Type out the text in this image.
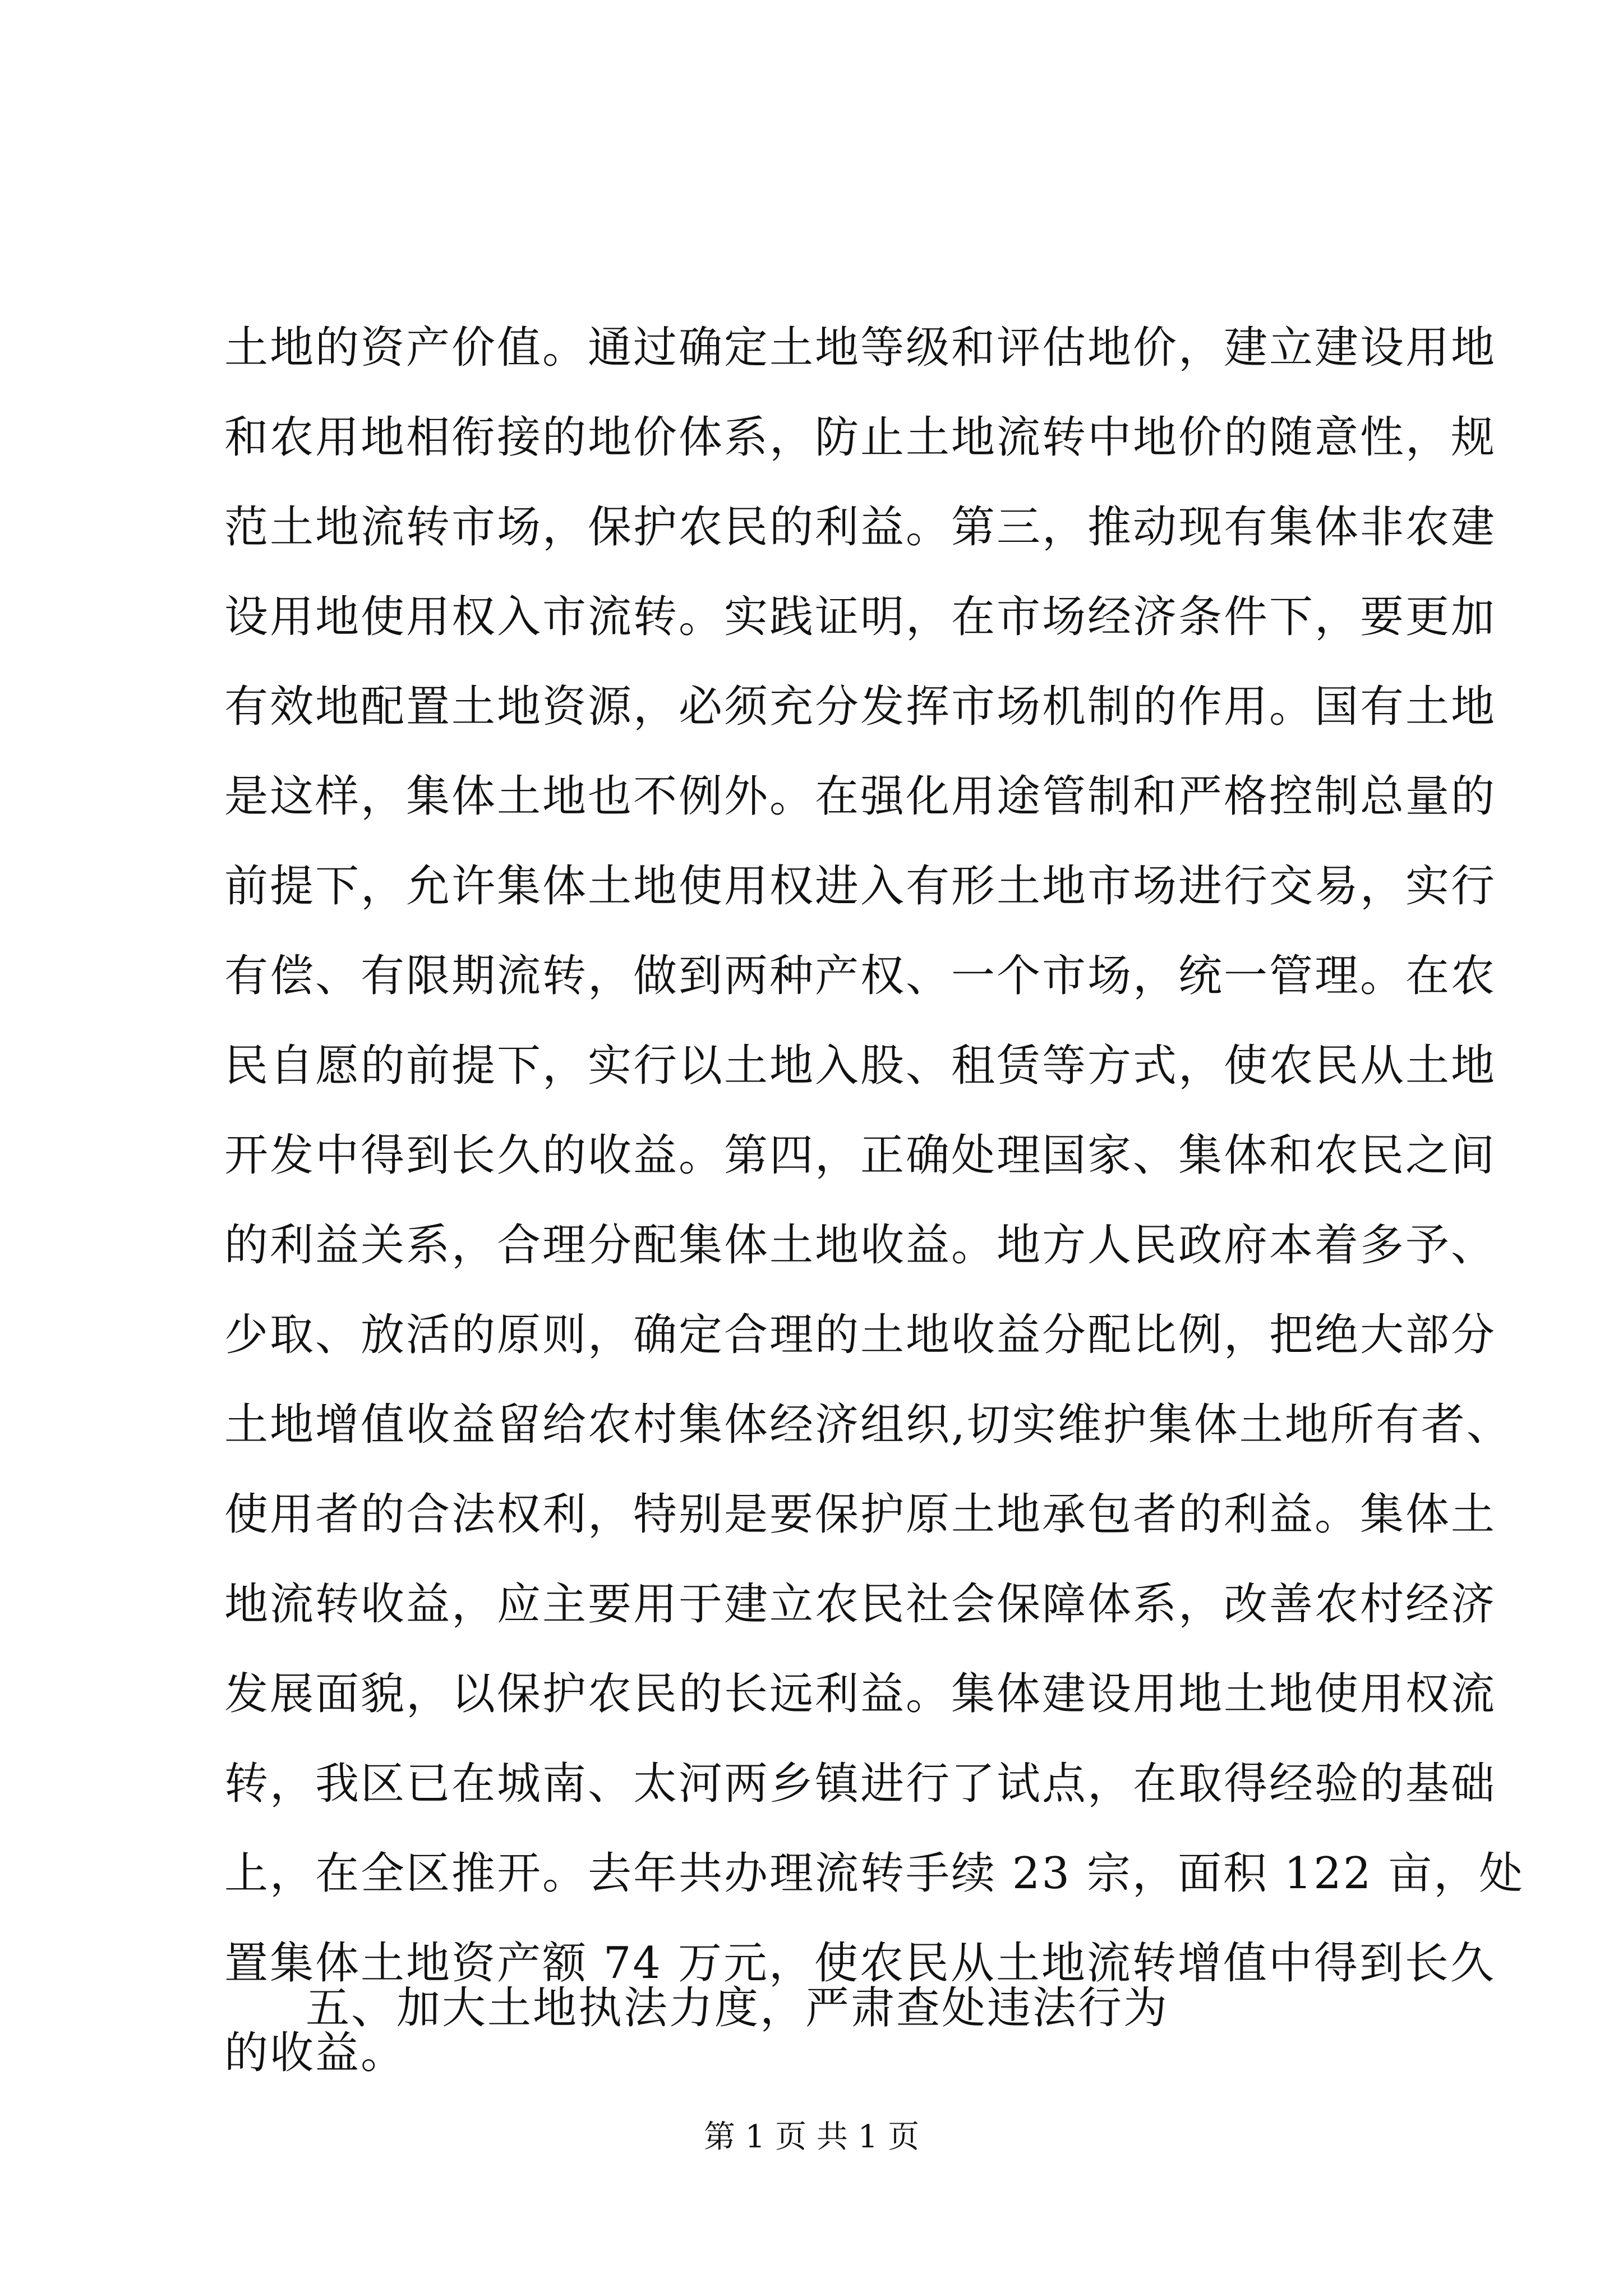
土地的资产价值。通过确定土地等级和评估地价，建立建设用地
和农用地相衔接的地价体系，防止土地流转中地价的随意性，规
范土地流转市场，保护农民的利益。第三，推动现有集体非农建
设用地使用权入市流转。实践证明，在市场经济条件下，要更加
有效地配置土地资源，必须充分发挥市场机制的作用。国有土地
是这样，集体土地也不例外。在强化用途管制和严格控制总量的
前提下，允许集体土地使用权进入有形土地市场进行交易，实行
有偿、有限期流转，做到两种产权、一个市场，统一管理。在农
民自愿的前提下，实行以土地入股、租赁等方式，使农民从土地
开发中得到长久的收益。第四，正确处理国家、集体和农民之间
的利益关系，合理分配集体土地收益。地方人民政府本着多予、
少取、放活的原则，确定合理的土地收益分配比例，把绝大部分
土地增值收益留给农村集体经济组织,切实维护集体土地所有者、
使用者的合法权利，特别是要保护原土地承包者的利益。集体土
地流转收益，应主要用于建立农民社会保障体系，改善农村经济
发展面貌，以保护农民的长远利益。集体建设用地土地使用权流
转，我区已在城南、太河两乡镇进行了试点，在取得经验的基础
上，在全区推开。去年共办理流转手续 23 宗，面积 122 亩，处
置集体土地资产额 74 万元，使农民从土地流转增值中得到长久
的收益。
五、加大土地执法力度，严肃查处违法行为
第 1 页 共 1 页
